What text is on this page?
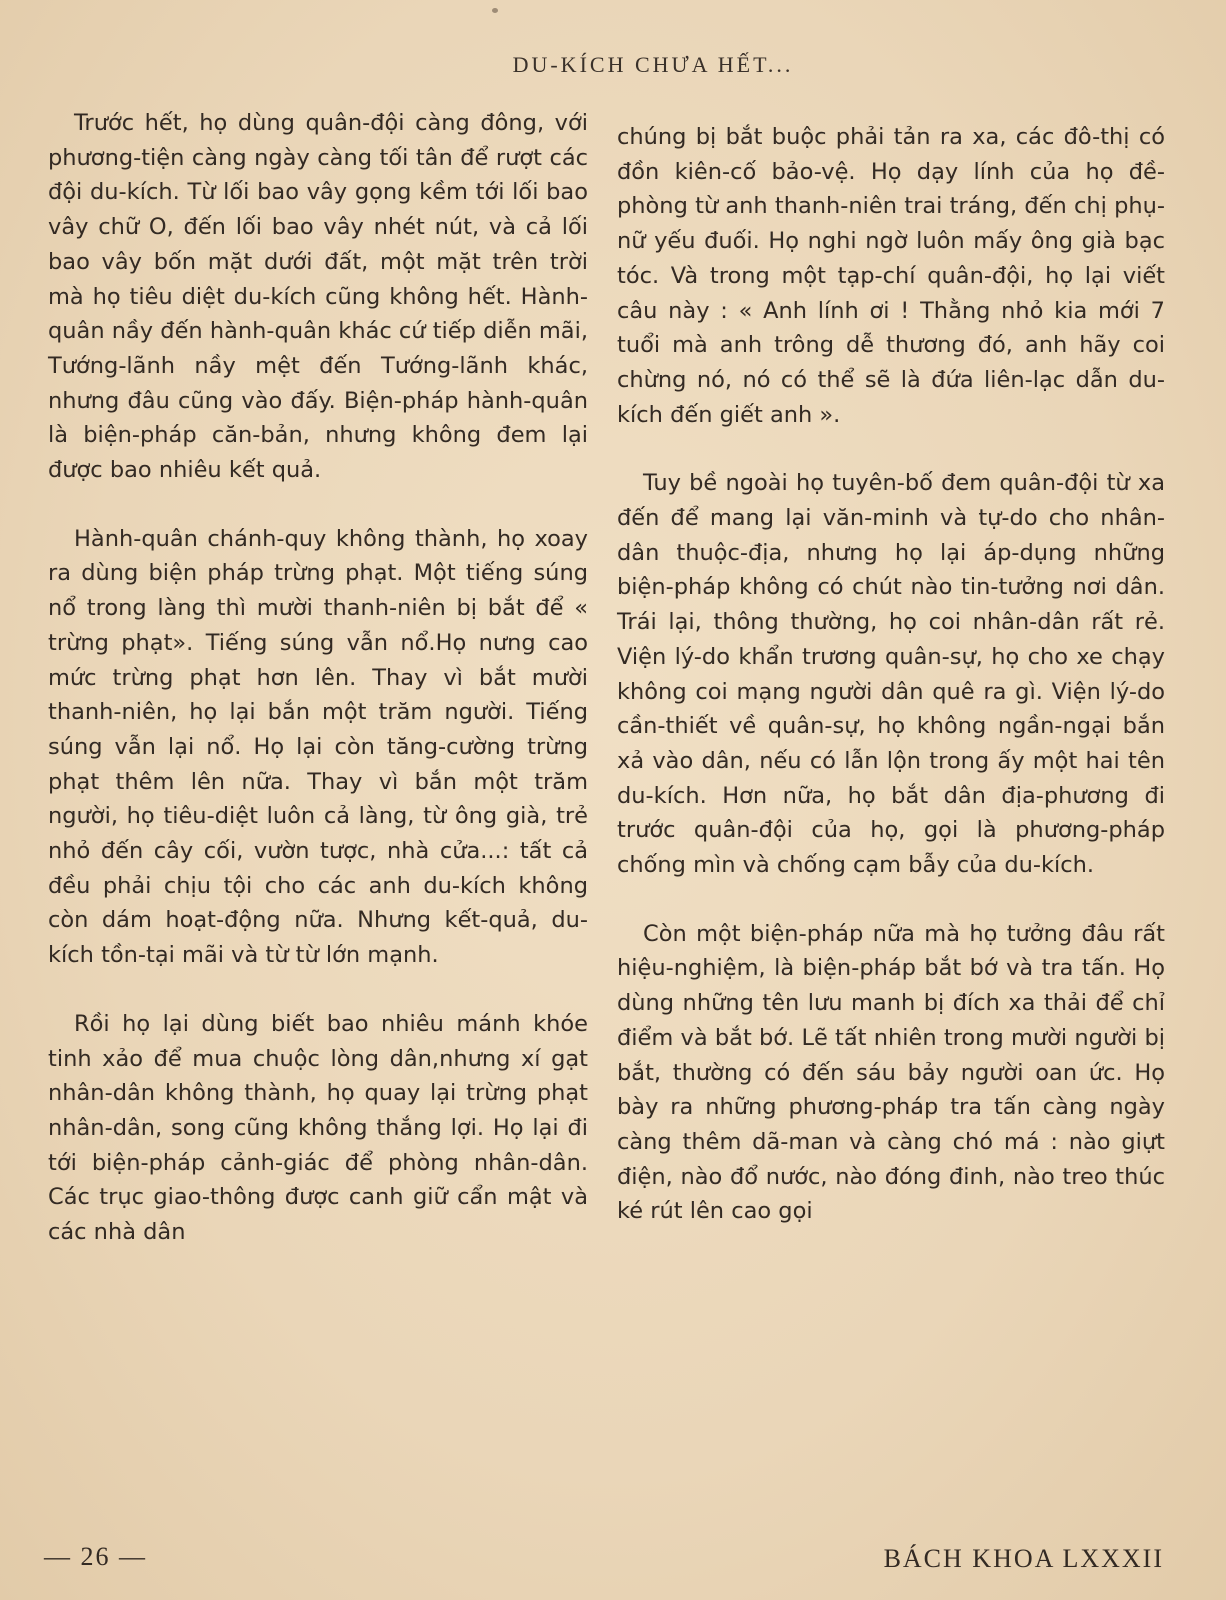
DU-KÍCH CHƯA HẾT...

Trước hết, họ dùng quân-đội càng đông, với phương-tiện càng ngày càng tối tân để rượt các đội du-kích. Từ lối bao vây gọng kềm tới lối bao vây chữ O, đến lối bao vây nhét nút, và cả lối bao vây bốn mặt dưới đất, một mặt trên trời mà họ tiêu diệt du-kích cũng không hết. Hành-quân nầy đến hành-quân khác cứ tiếp diễn mãi, Tướng-lãnh nầy mệt đến Tướng-lãnh khác, nhưng đâu cũng vào đấy. Biện-pháp hành-quân là biện-pháp căn-bản, nhưng không đem lại được bao nhiêu kết quả.

Hành-quân chánh-quy không thành, họ xoay ra dùng biện pháp trừng phạt. Một tiếng súng nổ trong làng thì mười thanh-niên bị bắt để « trừng phạt». Tiếng súng vẫn nổ.Họ nưng cao mức trừng phạt hơn lên. Thay vì bắt mười thanh-niên, họ lại bắn một trăm người. Tiếng súng vẫn lại nổ. Họ lại còn tăng-cường trừng phạt thêm lên nữa. Thay vì bắn một trăm người, họ tiêu-diệt luôn cả làng, từ ông già, trẻ nhỏ đến cây cối, vườn tược, nhà cửa...: tất cả đều phải chịu tội cho các anh du-kích không còn dám hoạt-động nữa. Nhưng kết-quả, du-kích tồn-tại mãi và từ từ lớn mạnh.

Rồi họ lại dùng biết bao nhiêu mánh khóe tinh xảo để mua chuộc lòng dân,nhưng xí gạt nhân-dân không thành, họ quay lại trừng phạt nhân-dân, song cũng không thắng lợi. Họ lại đi tới biện-pháp cảnh-giác để phòng nhân-dân. Các trục giao-thông được canh giữ cẩn mật và các nhà dân

chúng bị bắt buộc phải tản ra xa, các đô-thị có đồn kiên-cố bảo-vệ. Họ dạy lính của họ đề-phòng từ anh thanh-niên trai tráng, đến chị phụ-nữ yếu đuối. Họ nghi ngờ luôn mấy ông già bạc tóc. Và trong một tạp-chí quân-đội, họ lại viết câu này : « Anh lính ơi ! Thằng nhỏ kia mới 7 tuổi mà anh trông dễ thương đó, anh hãy coi chừng nó, nó có thể sẽ là đứa liên-lạc dẫn du-kích đến giết anh ».

Tuy bề ngoài họ tuyên-bố đem quân-đội từ xa đến để mang lại văn-minh và tự-do cho nhân-dân thuộc-địa, nhưng họ lại áp-dụng những biện-pháp không có chút nào tin-tưởng nơi dân. Trái lại, thông thường, họ coi nhân-dân rất rẻ. Viện lý-do khẩn trương quân-sự, họ cho xe chạy không coi mạng người dân quê ra gì. Viện lý-do cần-thiết về quân-sự, họ không ngần-ngại bắn xả vào dân, nếu có lẫn lộn trong ấy một hai tên du-kích. Hơn nữa, họ bắt dân địa-phương đi trước quân-đội của họ, gọi là phương-pháp chống mìn và chống cạm bẫy của du-kích.

Còn một biện-pháp nữa mà họ tưởng đâu rất hiệu-nghiệm, là biện-pháp bắt bớ và tra tấn. Họ dùng những tên lưu manh bị đích xa thải để chỉ điểm và bắt bớ. Lẽ tất nhiên trong mười người bị bắt, thường có đến sáu bảy người oan ức. Họ bày ra những phương-pháp tra tấn càng ngày càng thêm dã-man và càng chó má : nào giựt điện, nào đổ nước, nào đóng đinh, nào treo thúc ké rút lên cao gọi

— 26 —	BÁCH KHOA LXXXII
